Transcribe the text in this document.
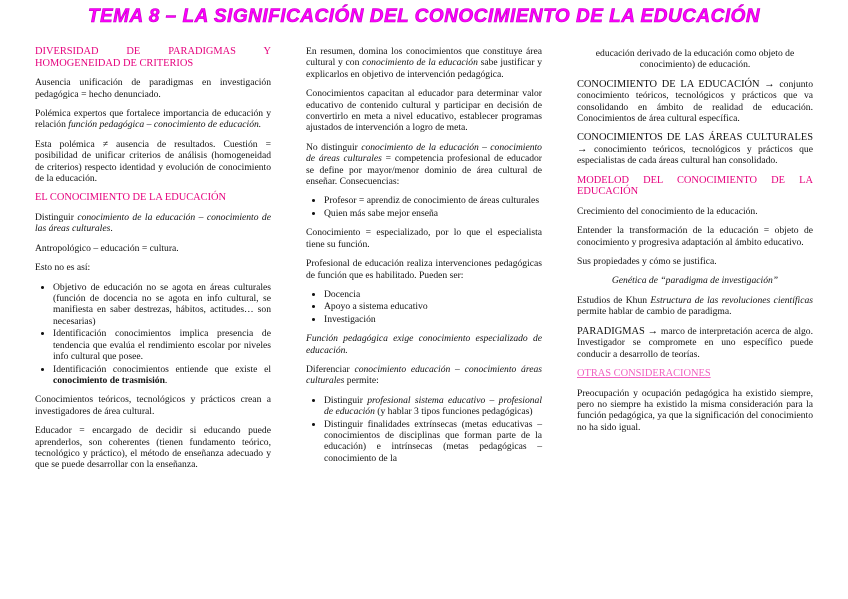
TEMA 8 – LA SIGNIFICACIÓN DEL CONOCIMIENTO DE LA EDUCACIÓN
DIVERSIDAD DE PARADIGMAS Y HOMOGENEIDAD DE CRITERIOS

Ausencia unificación de paradigmas en investigación pedagógica = hecho denunciado.

Polémica expertos que fortalece importancia de educación y relación función pedagógica – conocimiento de educación.

Esta polémica ≠ ausencia de resultados. Cuestión = posibilidad de unificar criterios de análisis (homogeneidad de criterios) respecto identidad y evolución de conocimiento de la educación.

EL CONOCIMIENTO DE LA EDUCACIÓN

Distinguir conocimiento de la educación – conocimiento de las áreas culturales.

Antropológico – educación = cultura.

Esto no es así:

• Objetivo de educación no se agota en áreas culturales (función de docencia no se agota en info cultural, se manifiesta en saber destrezas, hábitos, actitudes… son necesarias)
• Identificación conocimientos implica presencia de tendencia que evalúa el rendimiento escolar por niveles info cultural que posee.
• Identificación conocimientos entiende que existe el conocimiento de trasmisión.

Conocimientos teóricos, tecnológicos y prácticos crean a investigadores de área cultural.

Educador = encargado de decidir si educando puede aprenderlos, son coherentes (tienen fundamento teórico, tecnológico y práctico), el método de enseñanza adecuado y que se puede desarrollar con la enseñanza.

En resumen, domina los conocimientos que constituye área cultural y con conocimiento de la educación sabe justificar y explicarlos en objetivo de intervención pedagógica.

Conocimientos capacitan al educador para determinar valor educativo de contenido cultural y participar en decisión de convertirlo en meta a nivel educativo, establecer programas ajustados de intervención a logro de meta.

No distinguir conocimiento de la educación – conocimiento de áreas culturales = competencia profesional de educador se define por mayor/menor dominio de área cultural de enseñar. Consecuencias:

• Profesor = aprendiz de conocimiento de áreas culturales
• Quien más sabe mejor enseña

Conocimiento = especializado, por lo que el especialista tiene su función.

Profesional de educación realiza intervenciones pedagógicas de función que es habilitado. Pueden ser:

• Docencia
• Apoyo a sistema educativo
• Investigación

Función pedagógica exige conocimiento especializado de educación.

Diferenciar conocimiento educación – conocimiento áreas culturales permite:

• Distinguir profesional sistema educativo – profesional de educación (y hablar 3 tipos funciones pedagógicas)
• Distinguir finalidades extrínsecas (metas educativas – conocimientos de disciplinas que forman parte de la educación) e intrínsecas (metas pedagógicas – conocimiento de la

educación derivado de la educación como objeto de conocimiento) de educación.

CONOCIMIENTO DE LA EDUCACIÓN → conjunto conocimiento teóricos, tecnológicos y prácticos que va consolidando en ámbito de realidad de educación. Conocimientos de área cultural específica.

CONOCIMIENTOS DE LAS ÁREAS CULTURALES → conocimiento teóricos, tecnológicos y prácticos que especialistas de cada áreas cultural han consolidado.

MODELOD DEL CONOCIMIENTO DE LA EDUCACIÓN

Crecimiento del conocimiento de la educación.

Entender la transformación de la educación = objeto de conocimiento y progresiva adaptación al ámbito educativo.

Sus propiedades y cómo se justifica.

Genética de “paradigma de investigación”

Estudios de Khun Estructura de las revoluciones científicas permite hablar de cambio de paradigma.

PARADIGMAS → marco de interpretación acerca de algo. Investigador se compromete en uno específico puede conducir a desarrollo de teorías.

OTRAS CONSIDERACIONES

Preocupación y ocupación pedagógica ha existido siempre, pero no siempre ha existido la misma consideración para la función pedagógica, ya que la significación del conocimiento no ha sido igual.
